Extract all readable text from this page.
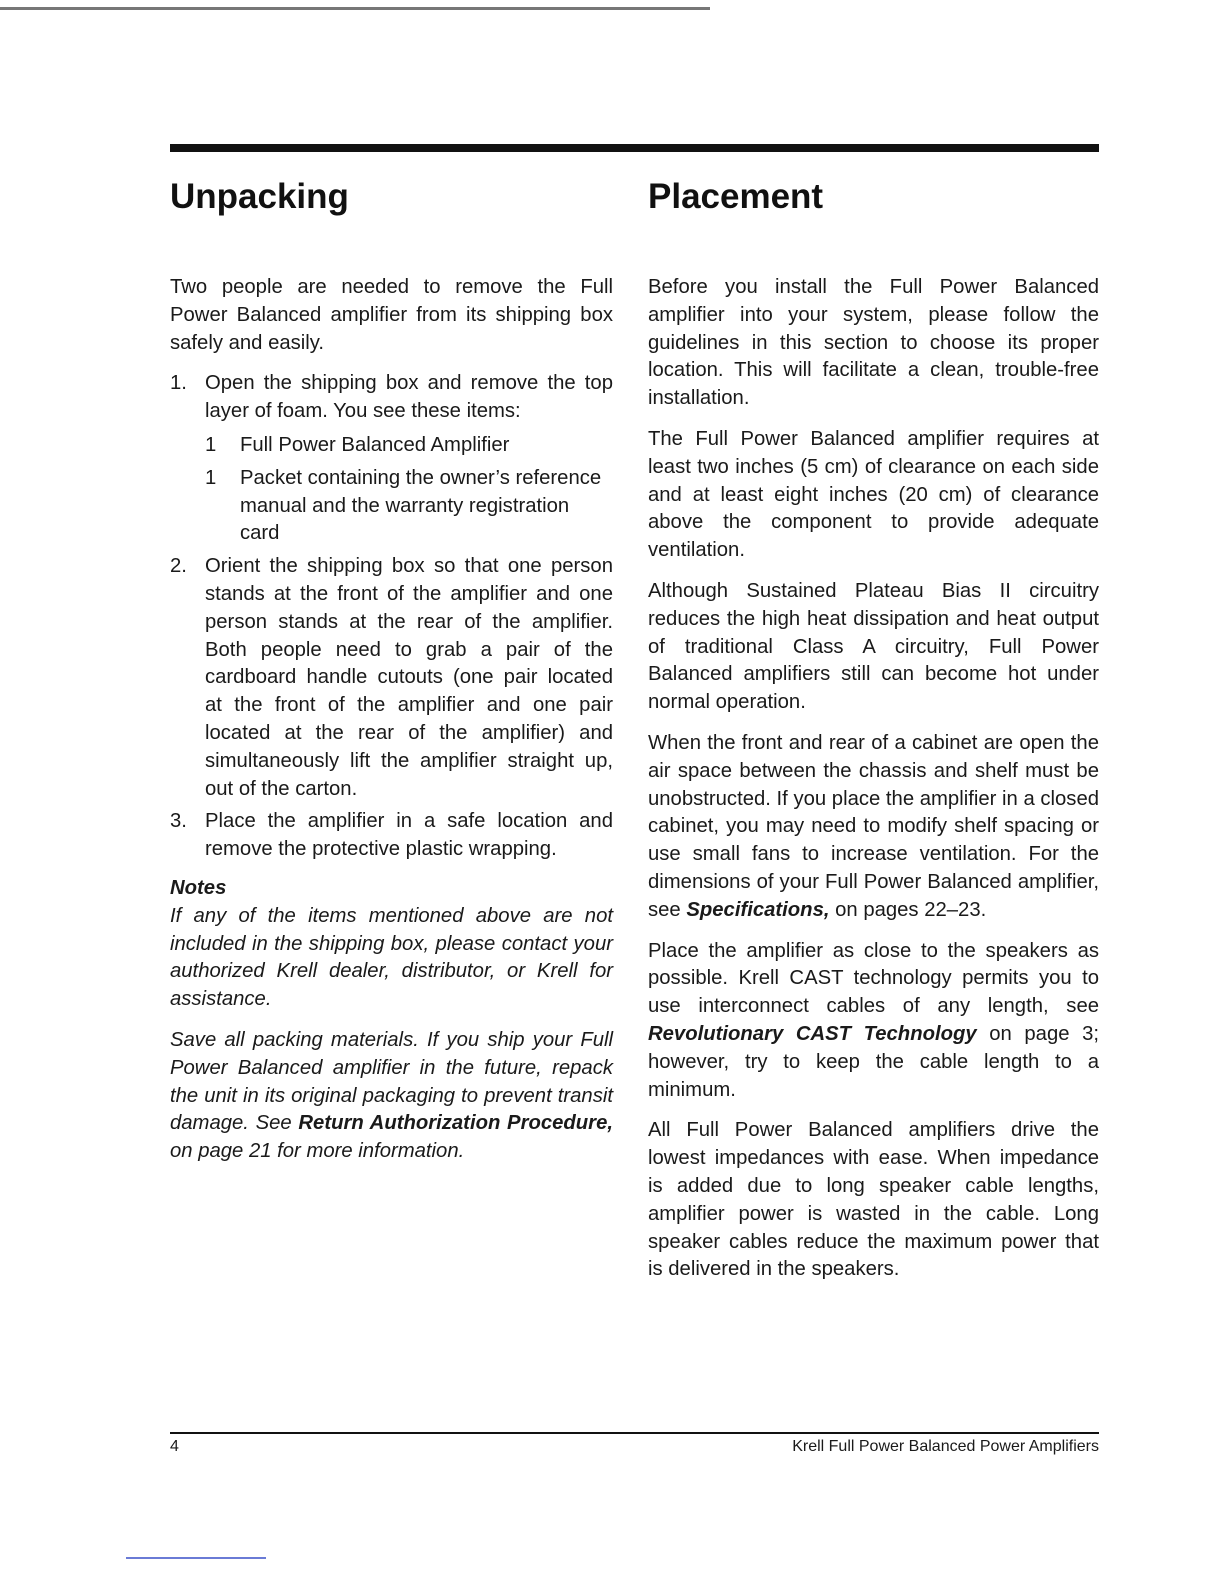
Unpacking

Two people are needed to remove the Full Power Balanced amplifier from its shipping box safely and easily.

1. Open the shipping box and remove the top layer of foam. You see these items:
1 Full Power Balanced Amplifier
1 Packet containing the owner’s reference manual and the warranty registration card
2. Orient the shipping box so that one person stands at the front of the amplifier and one person stands at the rear of the amplifier. Both people need to grab a pair of the cardboard handle cutouts (one pair located at the front of the amplifier and one pair located at the rear of the amplifier) and simultaneously lift the amplifier straight up, out of the carton.
3. Place the amplifier in a safe location and remove the protective plastic wrapping.
Notes

If any of the items mentioned above are not included in the shipping box, please contact your authorized Krell dealer, distributor, or Krell for assistance.

Save all packing materials. If you ship your Full Power Balanced amplifier in the future, repack the unit in its original packaging to prevent transit damage. See Return Authorization Procedure, on page 21 for more information.

Placement

Before you install the Full Power Balanced amplifier into your system, please follow the guidelines in this section to choose its proper location. This will facilitate a clean, trouble-free installation.

The Full Power Balanced amplifier requires at least two inches (5 cm) of clearance on each side and at least eight inches (20 cm) of clearance above the component to provide adequate ventilation.

Although Sustained Plateau Bias II circuitry reduces the high heat dissipation and heat output of traditional Class A circuitry, Full Power Balanced amplifiers still can become hot under normal operation.

When the front and rear of a cabinet are open the air space between the chassis and shelf must be unobstructed. If you place the amplifier in a closed cabinet, you may need to modify shelf spacing or use small fans to increase ventilation. For the dimensions of your Full Power Balanced amplifier, see Specifications, on pages 22–23.

Place the amplifier as close to the speakers as possible. Krell CAST technology permits you to use interconnect cables of any length, see Revolutionary CAST Technology on page 3; however, try to keep the cable length to a minimum.

All Full Power Balanced amplifiers drive the lowest impedances with ease. When impedance is added due to long speaker cable lengths, amplifier power is wasted in the cable. Long speaker cables reduce the maximum power that is delivered in the speakers.

4	Krell Full Power Balanced Power Amplifiers
